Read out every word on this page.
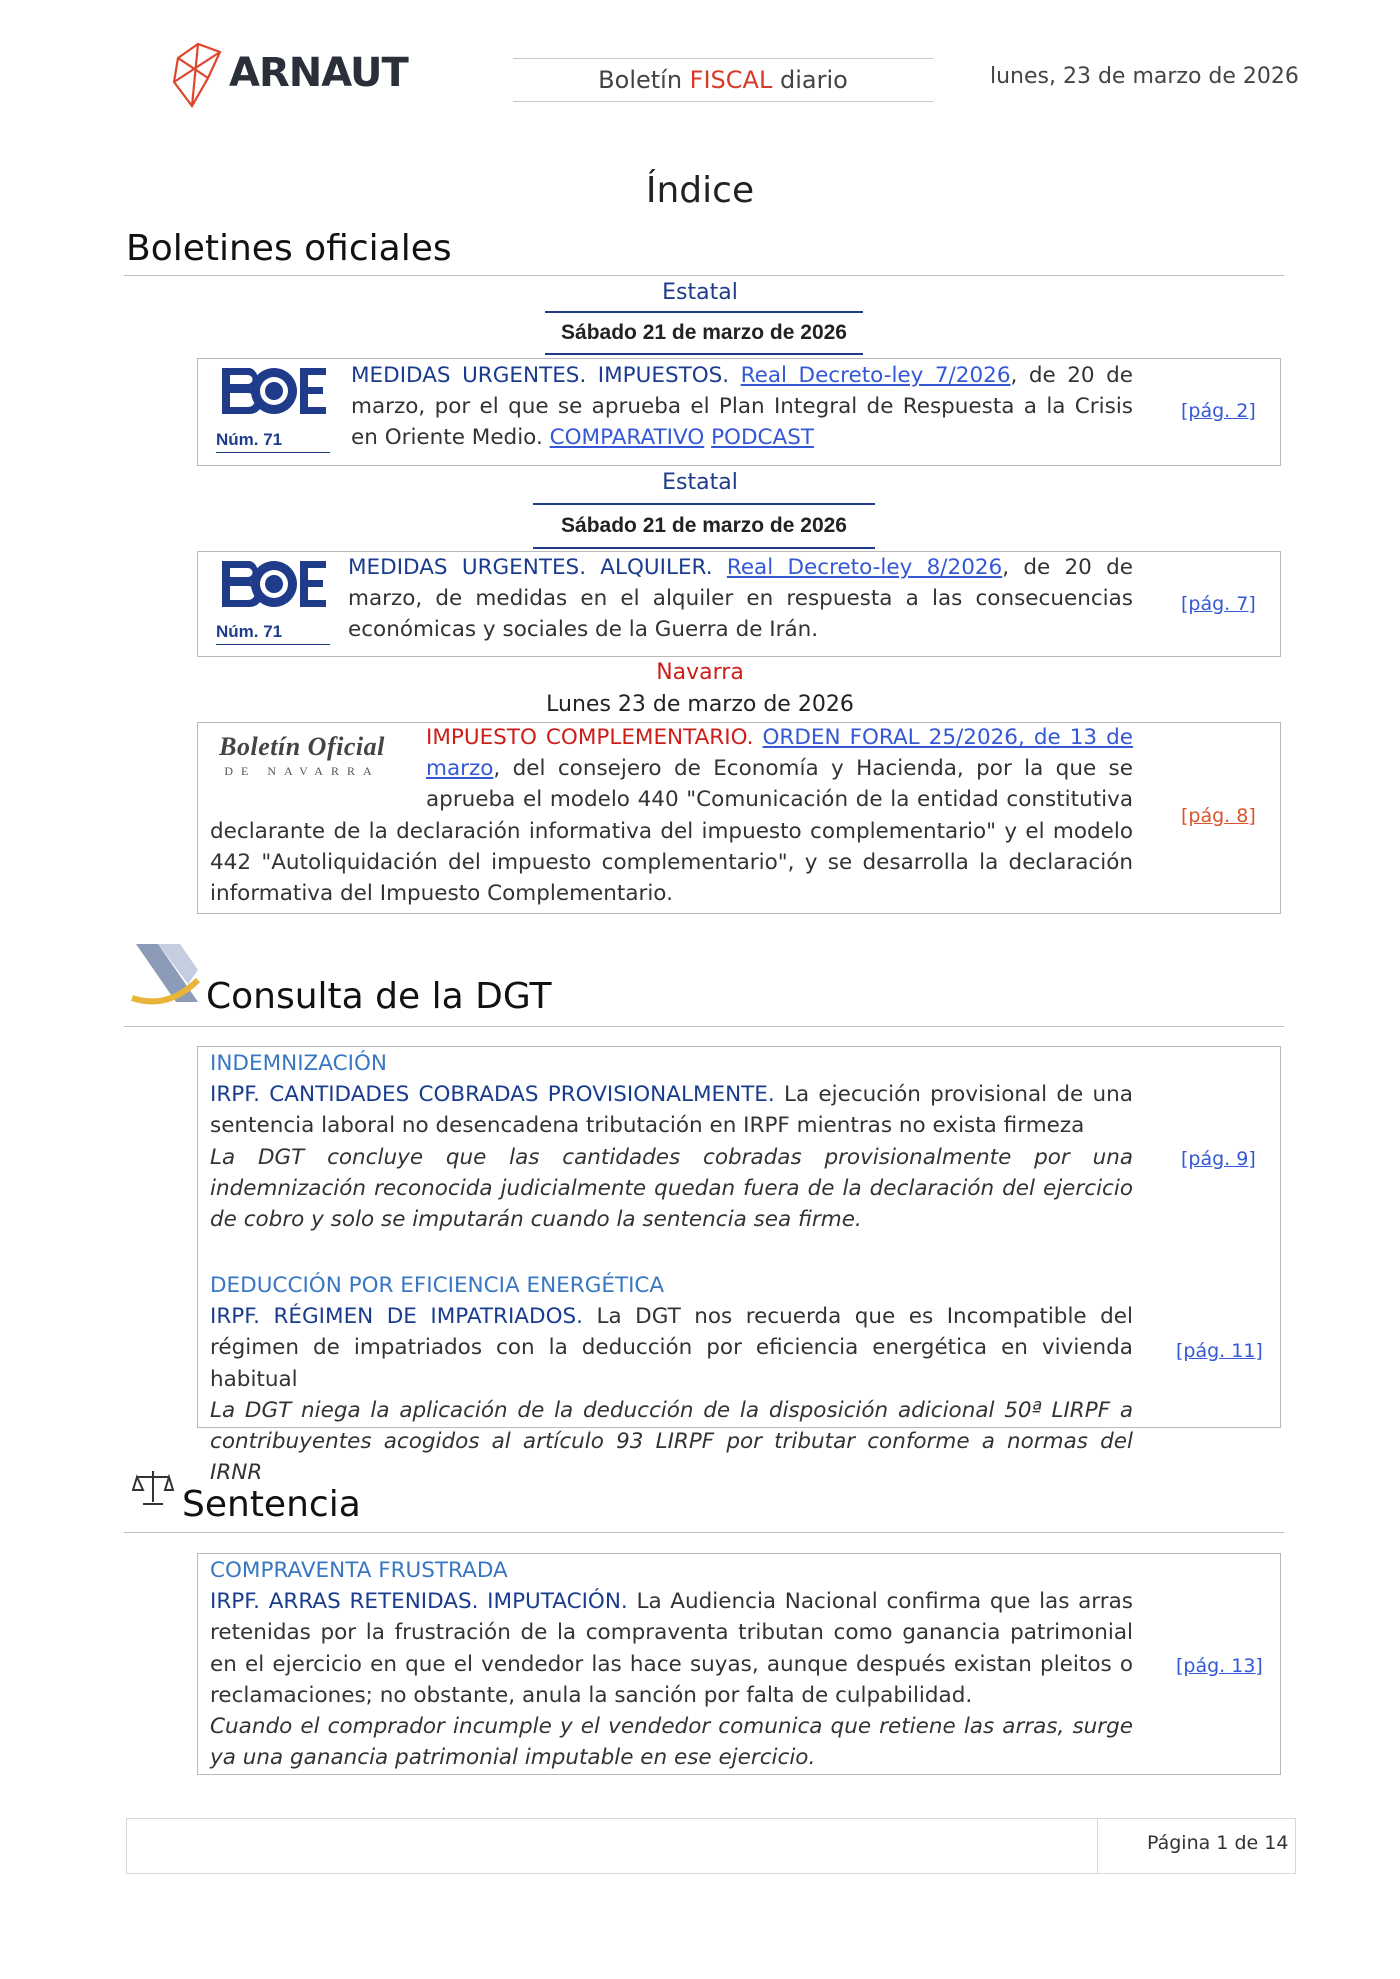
ARNAUT	Boletín FISCAL diario	lunes, 23 de marzo de 2026
Índice
Boletines oficiales
Estatal
Sábado 21 de marzo de 2026
Núm. 71
MEDIDAS URGENTES. IMPUESTOS. Real Decreto-ley 7/2026, de 20 de marzo, por el que se aprueba el Plan Integral de Respuesta a la Crisis en Oriente Medio. COMPARATIVO PODCAST
[pág. 2]
Estatal
Sábado 21 de marzo de 2026
Núm. 71
MEDIDAS URGENTES. ALQUILER. Real Decreto-ley 8/2026, de 20 de marzo, de medidas en el alquiler en respuesta a las consecuencias económicas y sociales de la Guerra de Irán.
[pág. 7]
Navarra
Lunes 23 de marzo de 2026
Boletín Oficial
DE NAVARRA
IMPUESTO COMPLEMENTARIO. ORDEN FORAL 25/2026, de 13 de marzo, del consejero de Economía y Hacienda, por la que se aprueba el modelo 440 "Comunicación de la entidad constitutiva declarante de la declaración informativa del impuesto complementario" y el modelo 442 "Autoliquidación del impuesto complementario", y se desarrolla la declaración informativa del Impuesto Complementario.
[pág. 8]
Consulta de la DGT
INDEMNIZACIÓN
IRPF. CANTIDADES COBRADAS PROVISIONALMENTE. La ejecución provisional de una sentencia laboral no desencadena tributación en IRPF mientras no exista firmeza
La DGT concluye que las cantidades cobradas provisionalmente por una indemnización reconocida judicialmente quedan fuera de la declaración del ejercicio de cobro y solo se imputarán cuando la sentencia sea firme.
[pág. 9]
DEDUCCIÓN POR EFICIENCIA ENERGÉTICA
IRPF. RÉGIMEN DE IMPATRIADOS. La DGT nos recuerda que es Incompatible del régimen de impatriados con la deducción por eficiencia energética en vivienda habitual
La DGT niega la aplicación de la deducción de la disposición adicional 50ª LIRPF a contribuyentes acogidos al artículo 93 LIRPF por tributar conforme a normas del IRNR
[pág. 11]
Sentencia
COMPRAVENTA FRUSTRADA
IRPF. ARRAS RETENIDAS. IMPUTACIÓN. La Audiencia Nacional confirma que las arras retenidas por la frustración de la compraventa tributan como ganancia patrimonial en el ejercicio en que el vendedor las hace suyas, aunque después existan pleitos o reclamaciones; no obstante, anula la sanción por falta de culpabilidad.
Cuando el comprador incumple y el vendedor comunica que retiene las arras, surge ya una ganancia patrimonial imputable en ese ejercicio.
[pág. 13]
Página 1 de 14
